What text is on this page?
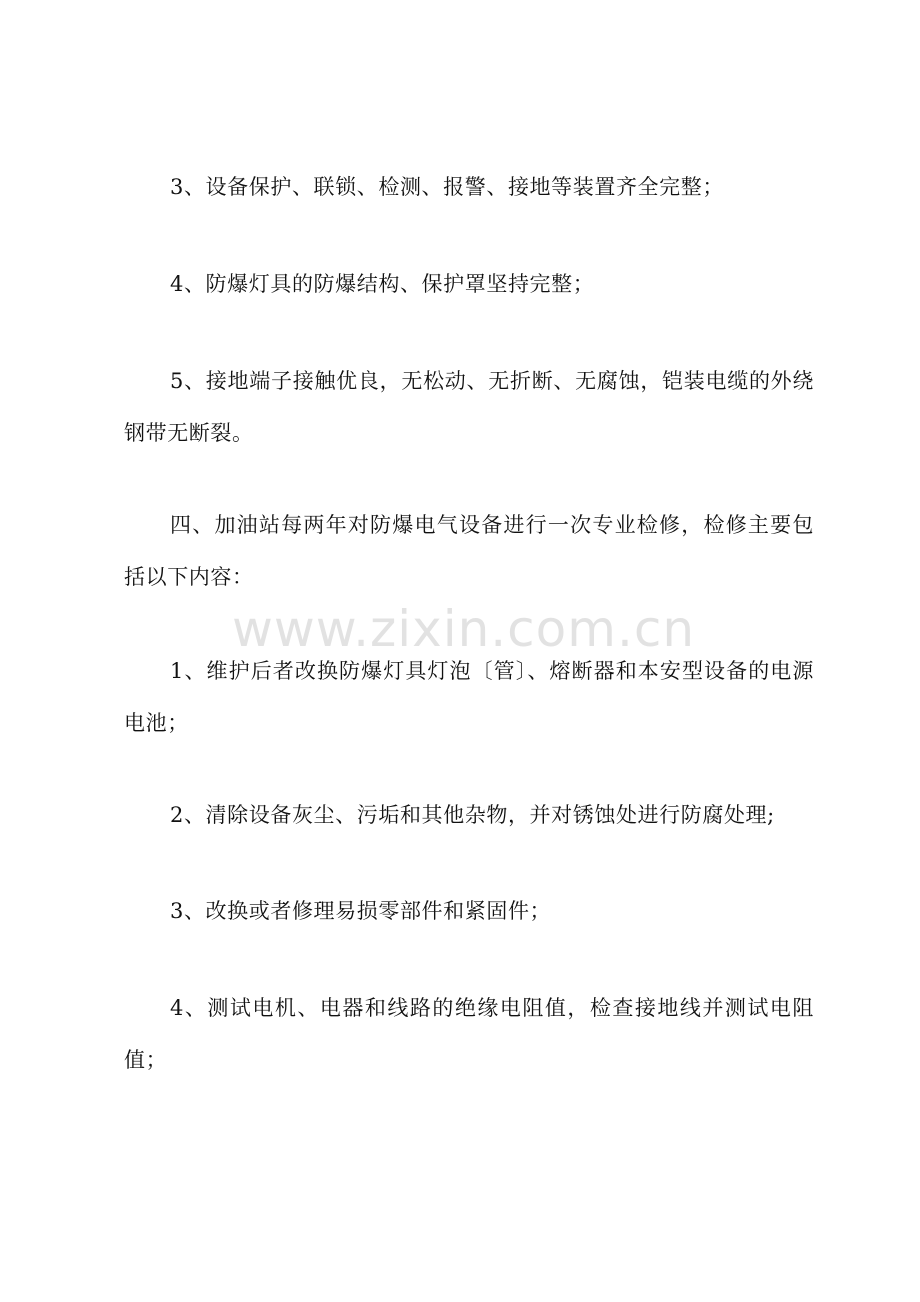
3、设备保护、联锁、检测、报警、接地等装置齐全完整；

4、防爆灯具的防爆结构、保护罩坚持完整；

5、接地端子接触优良，无松动、无折断、无腐蚀，铠装电缆的外绕钢带无断裂。

四、加油站每两年对防爆电气设备进行一次专业检修，检修主要包括以下内容：

1、维护后者改换防爆灯具灯泡〔管〕、熔断器和本安型设备的电源电池；

2、清除设备灰尘、污垢和其他杂物，并对锈蚀处进行防腐处理;

3、改换或者修理易损零部件和紧固件；

4、测试电机、电器和线路的绝缘电阻值，检查接地线并测试电阻值；

www.zixin.com.cn
